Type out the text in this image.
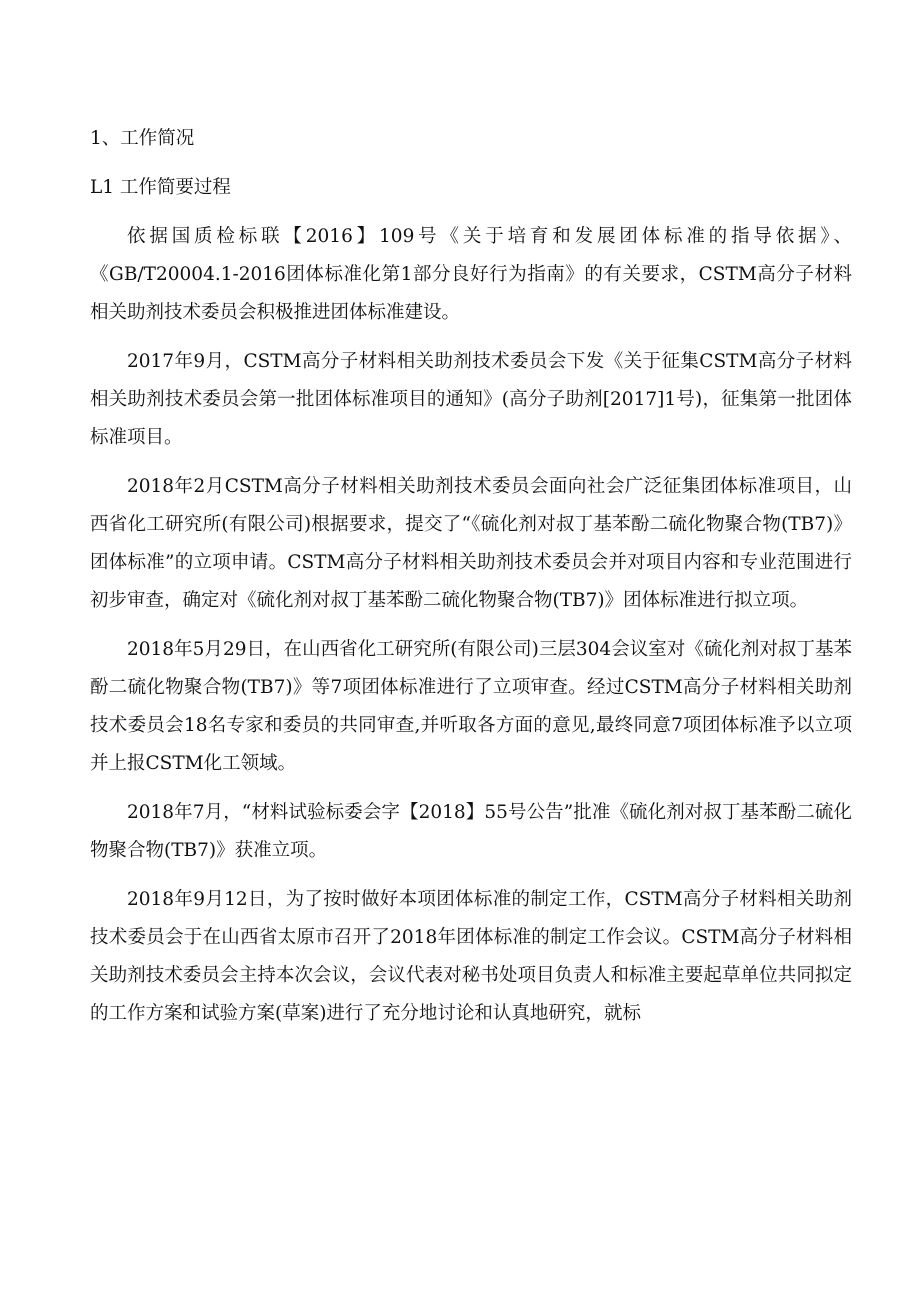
1、工作简况
L1 工作简要过程

依据国质检标联【2016】109号《关于培育和发展团体标准的指导依据》、《GB/T20004.1-2016团体标准化第1部分良好行为指南》的有关要求，CSTM高分子材料相关助剂技术委员会积极推进团体标准建设。

2017年9月，CSTM高分子材料相关助剂技术委员会下发《关于征集CSTM高分子材料相关助剂技术委员会第一批团体标准项目的通知》(高分子助剂[2017]1号)，征集第一批团体标准项目。

2018年2月CSTM高分子材料相关助剂技术委员会面向社会广泛征集团体标准项目，山西省化工研究所(有限公司)根据要求，提交了“《硫化剂对叔丁基苯酚二硫化物聚合物(TB7)》团体标准”的立项申请。CSTM高分子材料相关助剂技术委员会并对项目内容和专业范围进行初步审查，确定对《硫化剂对叔丁基苯酚二硫化物聚合物(TB7)》团体标准进行拟立项。

2018年5月29日，在山西省化工研究所(有限公司)三层304会议室对《硫化剂对叔丁基苯酚二硫化物聚合物(TB7)》等7项团体标准进行了立项审查。经过CSTM高分子材料相关助剂技术委员会18名专家和委员的共同审查,并听取各方面的意见,最终同意7项团体标准予以立项并上报CSTM化工领域。

2018年7月，“材料试验标委会字【2018】55号公告”批准《硫化剂对叔丁基苯酚二硫化物聚合物(TB7)》获准立项。

2018年9月12日，为了按时做好本项团体标准的制定工作，CSTM高分子材料相关助剂技术委员会于在山西省太原市召开了2018年团体标准的制定工作会议。CSTM高分子材料相关助剂技术委员会主持本次会议，会议代表对秘书处项目负责人和标准主要起草单位共同拟定的工作方案和试验方案(草案)进行了充分地讨论和认真地研究，就标
